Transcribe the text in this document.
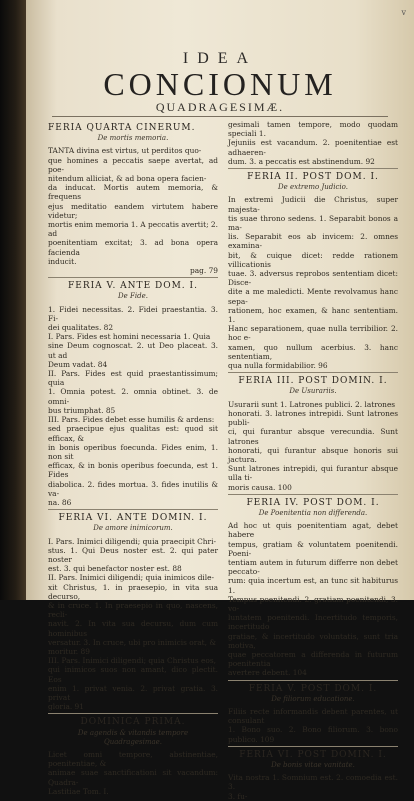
v
IDEA
CONCIONUM
QUADRAGESIMÆ.
FERIA QUARTA CINERUM.
De mortis memoria.
TANTA divina est virtus, ut perditos quo-
que homines a peccatis saepe avertat, ad poe-
nitendum alliciat, & ad bona opera facien-
da inducat. Mortis autem memoria, & frequens
ejus meditatio eandem virtutem habere videtur;
mortis enim memoria 1. A peccatis avertit; 2. ad
poenitentiam excitat; 3. ad bona opera facienda
inducit.
pag. 79
FERIA V. ANTE DOM. I.
De Fide.
1. Fidei necessitas. 2. Fidei praestantia. 3. Fi-
dei qualitates. 82
I. Pars. Fides est homini necessaria 1. Quia
sine Deum cognoscat. 2. ut Deo placeat. 3. ut ad
Deum vadat. 84
II. Pars. Fides est quid praestantissimum; quia
1. Omnia potest. 2. omnia obtinet. 3. de omni-
bus triumphat. 85
III. Pars. Fides debet esse humilis & ardens:
sed praecipue ejus qualitas est: quod sit efficax, &
in bonis operibus foecunda. Fides enim, 1. non sit
efficax, & in bonis operibus foecunda, est 1. Fides
diabolica. 2. fides mortua. 3. fides inutilis & va-
na. 86
FERIA VI. ANTE DOMIN. I.
De amore inimicorum.
I. Pars. Inimici diligendi; quia praecipit Chri-
stus. 1. Qui Deus noster est. 2. qui pater noster
est. 3. qui benefactor noster est. 88
II. Pars. Inimici diligendi; quia inimicos dile-
xit Christus, 1. in praesepio, in vita sua decurso,
& in cruce. 1. In praesepio in quo, nascens, recli-
navit. 2. In vita sua decursu, dum cum hominibus
versatur. 3. In cruce, ubi pro inimicis orat, &
moritur. 89
III. Pars. Inimici diligendi; quia Christus eos,
qui inimicos suos non amant, dico plectit. Eos
enim 1. privat venia. 2. privat gratia. 3. privat
gloria. 91
DOMINICA PRIMA.
De agendis & vitandis tempore Quadragesimae.
Licet omni tempore, abstinentiae, poenitentiae, &
animae suae sanctificationi sit vacandum: Quadra-
Lastitiae Tom. I.
gesimali tamen tempore, modo quodam speciali 1.
Jejuniis est vacandum. 2. poenitentiae est adhaeren-
dum. 3. a peccatis est abstinendum. 92
FERIA II. POST DOM. I.
De extremo Judicio.
In extremi Judicii die Christus, super majesta-
tis suae throno sedens. 1. Separabit bonos a ma-
lis. Separabit eos ab invicem: 2. omnes examina-
bit, & cuique dicet: redde rationem villicationis
tuae. 3. adversus reprobos sententiam dicet: Disce-
dite a me maledicti. Mente revolvamus hanc sepa-
rationem, hoc examen, & hanc sententiam. 1.
Hanc separationem, quae nulla terribilior. 2. hoc e-
xamen, quo nullum acerbius. 3. hanc sententiam,
qua nulla formidabilior. 96
FERIA III. POST DOMIN. I.
De Usurariis.
Usurarii sunt 1. Latrones publici. 2. latrones
honorati. 3. latrones intrepidi. Sunt latrones publi-
ci, qui furantur absque verecundia. Sunt latrones
honorati, qui furantur absque honoris sui jactura.
Sunt latrones intrepidi, qui furantur absque ulla ti-
moris causa. 100
FERIA IV. POST DOM. I.
De Poenitentia non differenda.
Ad hoc ut quis poenitentiam agat, debet habere
tempus, gratiam & voluntatem poenitendi. Poeni-
tentiam autem in futurum differre non debet peccato-
rum: quia incertum est, an tunc sit habiturus 1.
Tempus poenitendi. 2. gratiam poenitendi, 3. vo-
luntatem poenitendi. Incertitudo temporis, incertitudo
gratiae, & incertitudo voluntatis, sunt tria motiva,
quae peccatorem a differenda in futurum poenitentia
avertere debent. 104
FERIA V. POST DOM. I.
De filiorum educatione.
Filiis recte informandis debent parentes, ut consulant
1. Bono suo. 2. Bono filiorum. 3. bono publico. 109
FERIA VI. POST DOMIN. I.
De bonis vitae vanitate.
Vita nostra 1. Somnium est. 2. comoedia est. 3.
3. fu-
